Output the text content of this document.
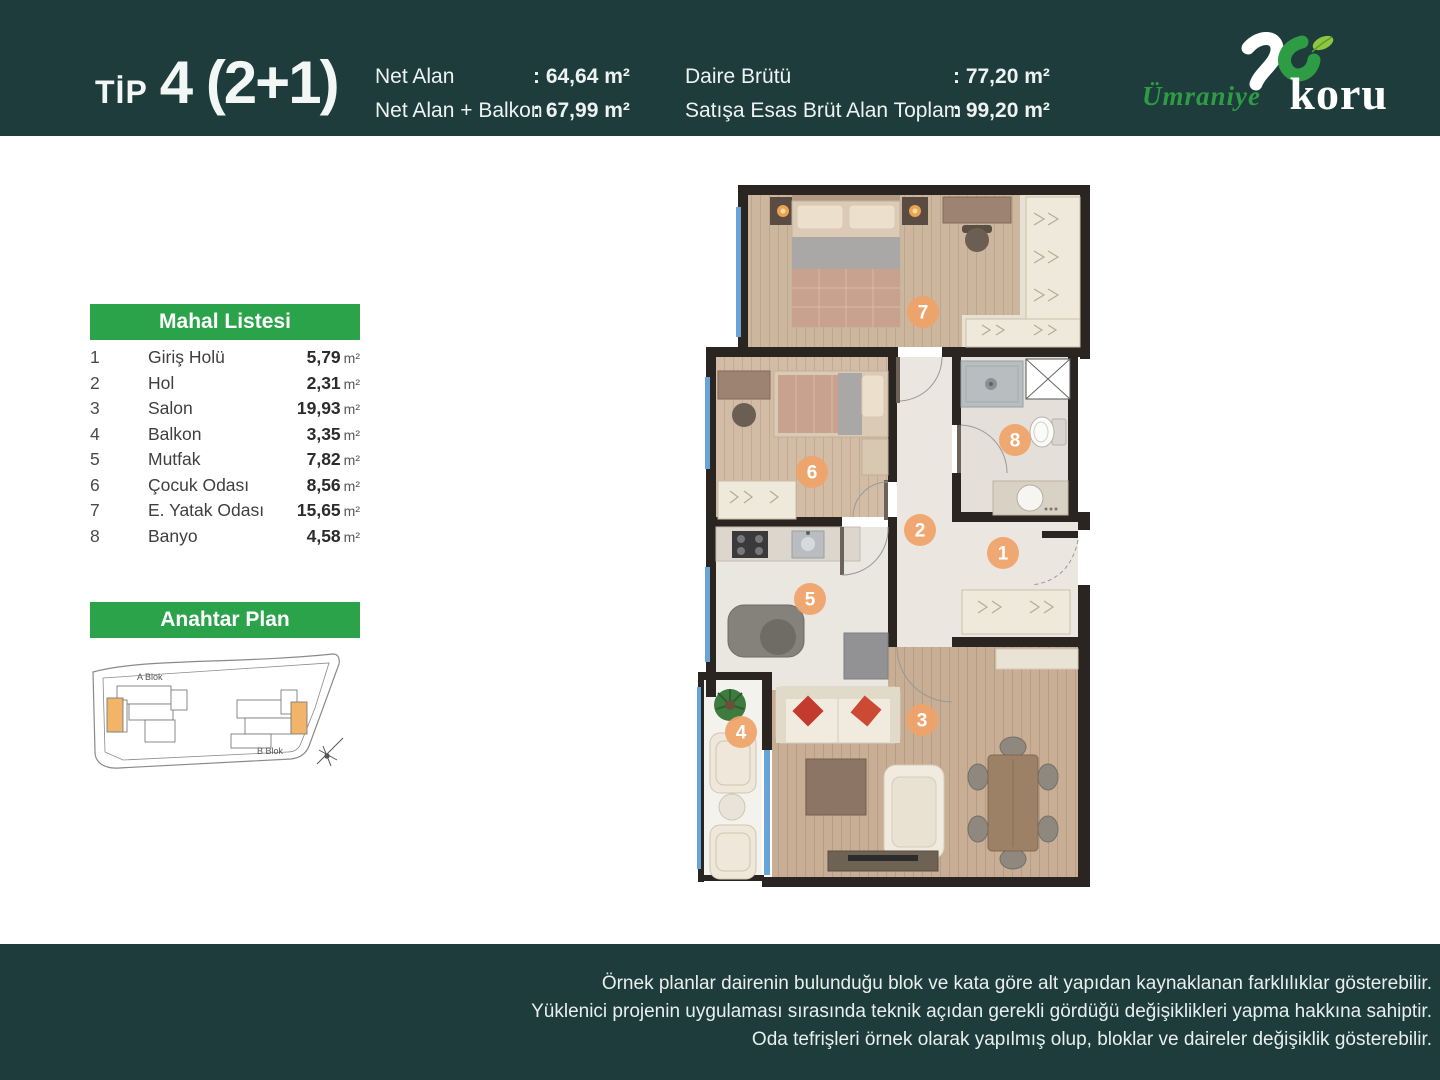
TİP 4 (2+1) Net Alan	: 64,64 m²
Net Alan + Balkon: 67,99 m²
Daire Brütü	: 77,20 m²
Satışa Esas Brüt Alan Toplam: 99,20 m²	Ümraniye koru
Mahal Listesi
1	Giriş Holü	5,79 m²
2	Hol	2,31 m²
3	Salon	19,93 m²
4	Balkon	3,35 m²
5	Mutfak	7,82 m²
6	Çocuk Odası	8,56 m²
7	E. Yatak Odası	15,65 m²
8	Banyo	4,58 m²
Anahtar Plan
A Blok
B Blok
7
6
8
2
1
5
4
3
Örnek planlar dairenin bulunduğu blok ve kata göre alt yapıdan kaynaklanan farklılıklar gösterebilir.
Yüklenici projenin uygulaması sırasında teknik açıdan gerekli gördüğü değişiklikleri yapma hakkına sahiptir.
Oda tefrişleri örnek olarak yapılmış olup, bloklar ve daireler değişiklik gösterebilir.
